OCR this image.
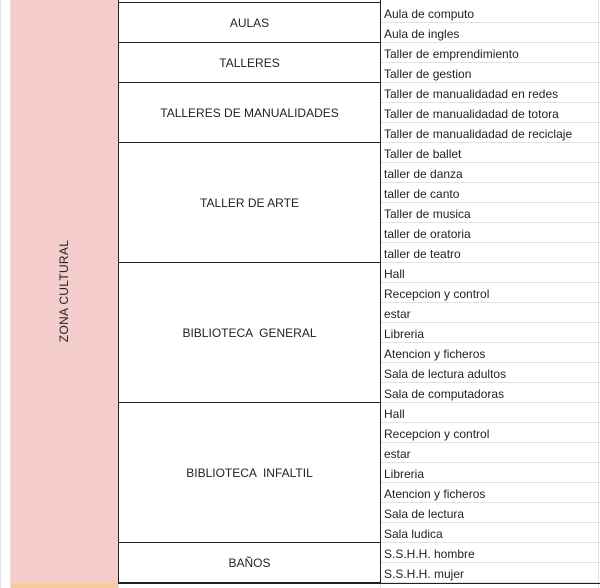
ZONA CULTURAL
AULAS
Aula de computo
Aula de ingles
TALLERES
Taller de emprendimiento
Taller de gestion
TALLERES DE MANUALIDADES
Taller de manualidadad en redes
Taller de manualidadad de totora
Taller de manualidadad de reciclaje
TALLER DE ARTE
Taller de ballet
taller de danza
taller de canto
Taller de musica
taller de oratoria
taller de teatro
BIBLIOTECA  GENERAL
Hall
Recepcion y control
estar
Libreria
Atencion y ficheros
Sala de lectura adultos
Sala de computadoras
BIBLIOTECA  INFALTIL
Hall
Recepcion y control
estar
Libreria
Atencion y ficheros
Sala de lectura
Sala ludica
BAÑOS
S.S.H.H. hombre
S.S.H.H. mujer
